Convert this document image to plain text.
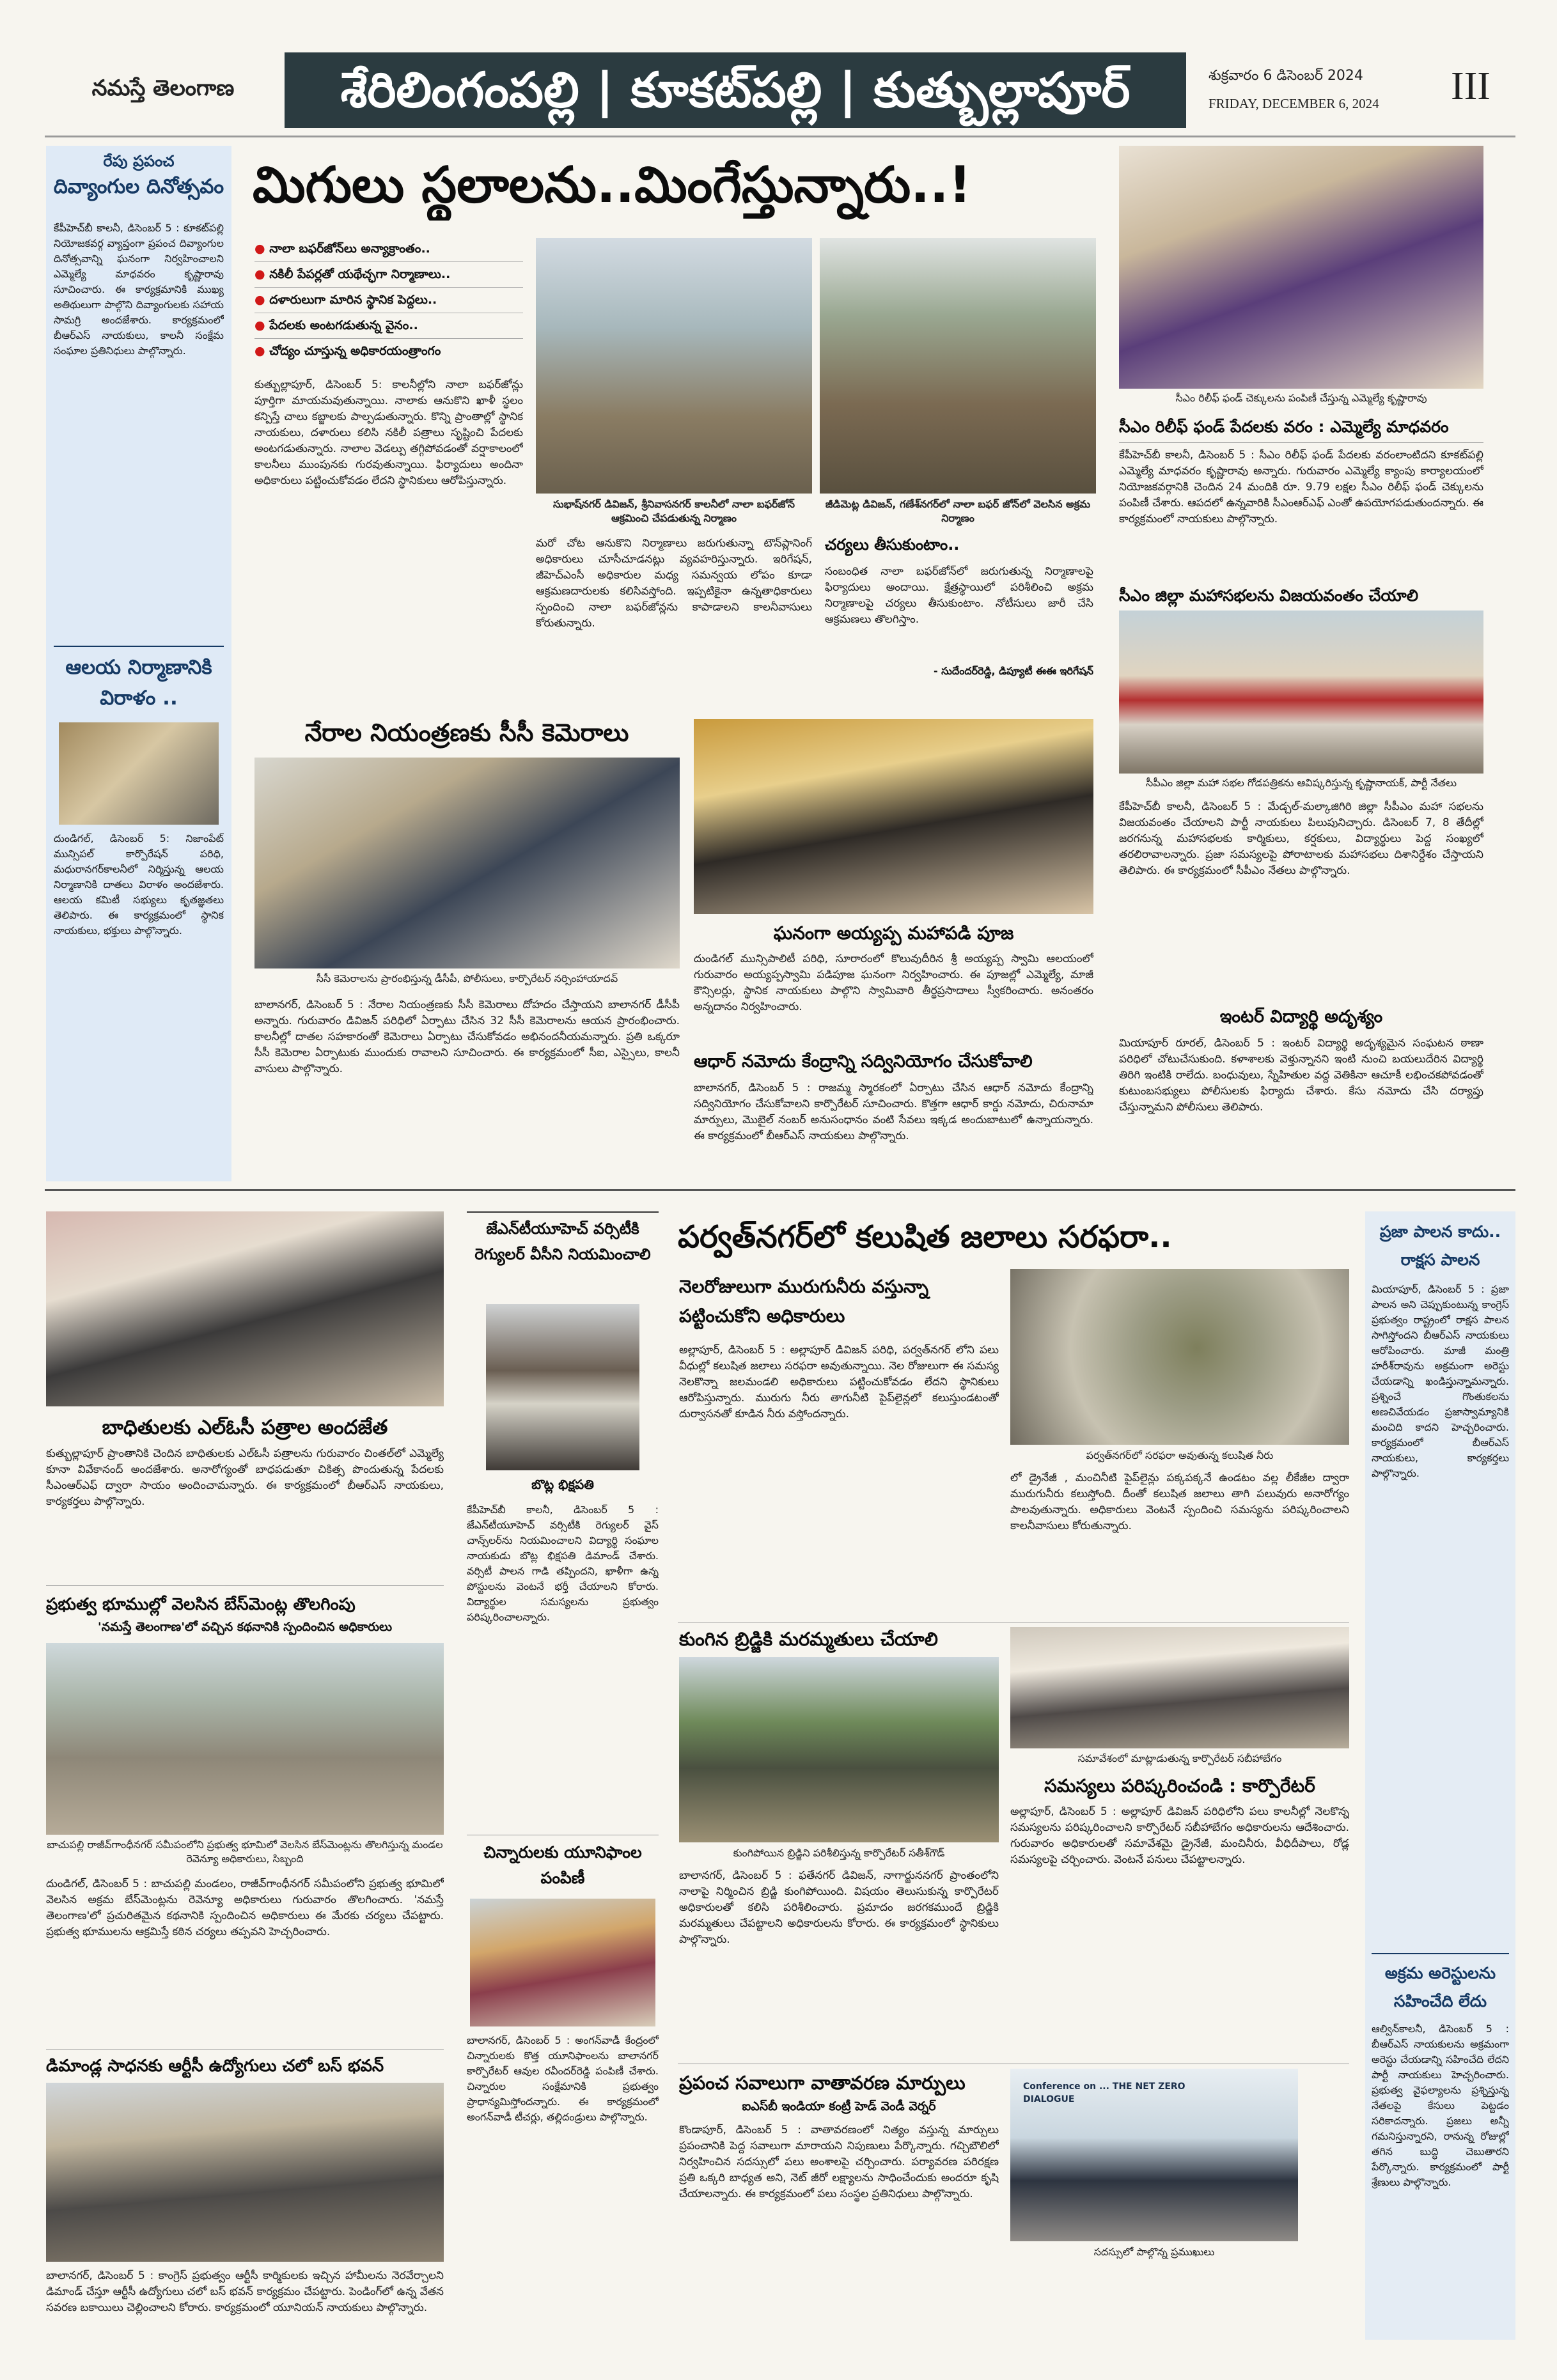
నమస్తే తెలంగాణ	శేరిలింగంపల్లి | కూకట్‌పల్లి | కుత్బుల్లాపూర్	శుక్రవారం 6 డిసెంబర్ 2024
FRIDAY, DECEMBER 6, 2024	III
రేపు ప్రపంచ
దివ్యాంగుల దినోత్సవం
కేపీహెచ్‌బీ కాలనీ, డిసెంబర్ 5 : కూకట్‌పల్లి నియోజకవర్గ వ్యాప్తంగా ప్రపంచ దివ్యాంగుల దినోత్సవాన్ని ఘనంగా నిర్వహించాలని ఎమ్మెల్యే మాధవరం కృష్ణారావు సూచించారు. ఈ కార్యక్రమానికి ముఖ్య అతిథులుగా పాల్గొని దివ్యాంగులకు సహాయ సామగ్రి అందజేశారు. కార్యక్రమంలో బీఆర్‌ఎస్ నాయకులు, కాలనీ సంక్షేమ సంఘాల ప్రతినిధులు పాల్గొన్నారు.
ఆలయ నిర్మాణానికి విరాళం ..
దుండిగల్, డిసెంబర్ 5: నిజాంపేట్ మున్సిపల్ కార్పొరేషన్ పరిధి, మధురానగర్‌కాలనీలో నిర్మిస్తున్న ఆలయ నిర్మాణానికి దాతలు విరాళం అందజేశారు. ఆలయ కమిటీ సభ్యులు కృతజ్ఞతలు తెలిపారు. ఈ కార్యక్రమంలో స్థానిక నాయకులు, భక్తులు పాల్గొన్నారు.
మిగులు స్థలాలను..మింగేస్తున్నారు..!
● నాలా బఫర్‌జోన్‌లు అన్యాక్రాంతం..
● నకిలీ పేపర్లతో యథేచ్ఛగా నిర్మాణాలు..
● దళారులుగా మారిన స్థానిక పెద్దలు..
● పేదలకు అంటగడుతున్న వైనం..
● చోద్యం చూస్తున్న అధికారయంత్రాంగం
సుభాష్‌నగర్ డివిజన్, శ్రీనివాసనగర్ కాలనీలో నాలా బఫర్‌జోన్ ఆక్రమించి చేపడుతున్న నిర్మాణం
జీడిమెట్ల డివిజన్, గణేశ్‌నగర్‌లో నాలా బఫర్ జోన్‌లో వెలసిన అక్రమ నిర్మాణం
కుత్బుల్లాపూర్, డిసెంబర్ 5: కాలనీల్లోని నాలా బఫర్‌జోన్లు పూర్తిగా మాయమవుతున్నాయి. నాలాకు ఆనుకొని ఖాళీ స్థలం కన్పిస్తే చాలు కబ్జాలకు పాల్పడుతున్నారు. కొన్ని ప్రాంతాల్లో స్థానిక నాయకులు, దళారులు కలిసి నకిలీ పత్రాలు సృష్టించి పేదలకు అంటగడుతున్నారు. నాలాల వెడల్పు తగ్గిపోవడంతో వర్షాకాలంలో కాలనీలు ముంపునకు గురవుతున్నాయి. ఫిర్యాదులు అందినా అధికారులు పట్టించుకోవడం లేదని స్థానికులు ఆరోపిస్తున్నారు.
మరో చోట ఆనుకొని నిర్మాణాలు జరుగుతున్నా టౌన్‌ప్లానింగ్ అధికారులు చూసీచూడనట్లు వ్యవహరిస్తున్నారు. ఇరిగేషన్, జీహెచ్‌ఎంసీ అధికారుల మధ్య సమన్వయ లోపం కూడా ఆక్రమణదారులకు కలిసివస్తోంది. ఇప్పటికైనా ఉన్నతాధికారులు స్పందించి నాలా బఫర్‌జోన్లను కాపాడాలని కాలనీవాసులు కోరుతున్నారు.
చర్యలు తీసుకుంటాం..
సంబంధిత నాలా బఫర్‌జోన్‌లో జరుగుతున్న నిర్మాణాలపై ఫిర్యాదులు అందాయి. క్షేత్రస్థాయిలో పరిశీలించి అక్రమ నిర్మాణాలపై చర్యలు తీసుకుంటాం. నోటీసులు జారీ చేసి ఆక్రమణలు తొలగిస్తాం.
- సుదేందర్‌రెడ్డి, డిప్యూటీ ఈఈ ఇరిగేషన్
సీఎం రిలీఫ్ ఫండ్ చెక్కులను పంపిణీ చేస్తున్న ఎమ్మెల్యే కృష్ణారావు
సీఎం రిలీఫ్ ఫండ్ పేదలకు వరం : ఎమ్మెల్యే మాధవరం
కేపీహెచ్‌బీ కాలనీ, డిసెంబర్ 5 : సీఎం రిలీఫ్ ఫండ్ పేదలకు వరంలాంటిదని కూకట్‌పల్లి ఎమ్మెల్యే మాధవరం కృష్ణారావు అన్నారు. గురువారం ఎమ్మెల్యే క్యాంపు కార్యాలయంలో నియోజకవర్గానికి చెందిన 24 మందికి రూ. 9.79 లక్షల సీఎం రిలీఫ్ ఫండ్ చెక్కులను పంపిణీ చేశారు. ఆపదలో ఉన్నవారికి సీఎంఆర్‌ఎఫ్ ఎంతో ఉపయోగపడుతుందన్నారు. ఈ కార్యక్రమంలో నాయకులు పాల్గొన్నారు.
సీఎం జిల్లా మహాసభలను విజయవంతం చేయాలి
సీపీఎం జిల్లా మహా సభల గోడపత్రికను ఆవిష్కరిస్తున్న కృష్ణానాయక్, పార్టీ నేతలు
కేపీహెచ్‌బీ కాలనీ, డిసెంబర్ 5 : మేడ్చల్-మల్కాజిగిరి జిల్లా సీపీఎం మహా సభలను విజయవంతం చేయాలని పార్టీ నాయకులు పిలుపునిచ్చారు. డిసెంబర్ 7, 8 తేదీల్లో జరగనున్న మహాసభలకు కార్మికులు, కర్షకులు, విద్యార్థులు పెద్ద సంఖ్యలో తరలిరావాలన్నారు. ప్రజా సమస్యలపై పోరాటాలకు మహాసభలు దిశానిర్దేశం చేస్తాయని తెలిపారు. ఈ కార్యక్రమంలో సీపీఎం నేతలు పాల్గొన్నారు.
ఇంటర్ విద్యార్థి అదృశ్యం
మియాపూర్ రూరల్, డిసెంబర్ 5 : ఇంటర్ విద్యార్థి అదృశ్యమైన సంఘటన ఠాణా పరిధిలో చోటుచేసుకుంది. కళాశాలకు వెళ్తున్నానని ఇంటి నుంచి బయలుదేరిన విద్యార్థి తిరిగి ఇంటికి రాలేదు. బంధువులు, స్నేహితుల వద్ద వెతికినా ఆచూకీ లభించకపోవడంతో కుటుంబసభ్యులు పోలీసులకు ఫిర్యాదు చేశారు. కేసు నమోదు చేసి దర్యాప్తు చేస్తున్నామని పోలీసులు తెలిపారు.
నేరాల నియంత్రణకు సీసీ కెమెరాలు
సీసీ కెమెరాలను ప్రారంభిస్తున్న డీసీపీ, పోలీసులు, కార్పొరేటర్ నర్సింహాయాదవ్
బాలానగర్, డిసెంబర్ 5 : నేరాల నియంత్రణకు సీసీ కెమెరాలు దోహదం చేస్తాయని బాలానగర్ డీసీపీ అన్నారు. గురువారం డివిజన్ పరిధిలో ఏర్పాటు చేసిన 32 సీసీ కెమెరాలను ఆయన ప్రారంభించారు. కాలనీల్లో దాతల సహకారంతో కెమెరాలు ఏర్పాటు చేసుకోవడం అభినందనీయమన్నారు. ప్రతి ఒక్కరూ సీసీ కెమెరాల ఏర్పాటుకు ముందుకు రావాలని సూచించారు. ఈ కార్యక్రమంలో సీఐ, ఎస్సైలు, కాలనీ వాసులు పాల్గొన్నారు.
ఘనంగా అయ్యప్ప మహాపడి పూజ
దుండిగల్ మున్సిపాలిటీ పరిధి, సూరారంలో కొలువుదీరిన శ్రీ అయ్యప్ప స్వామి ఆలయంలో గురువారం అయ్యప్పస్వామి పడిపూజ ఘనంగా నిర్వహించారు. ఈ పూజల్లో ఎమ్మెల్యే, మాజీ కౌన్సిలర్లు, స్థానిక నాయకులు పాల్గొని స్వామివారి తీర్థప్రసాదాలు స్వీకరించారు. అనంతరం అన్నదానం నిర్వహించారు.
ఆధార్ నమోదు కేంద్రాన్ని సద్వినియోగం చేసుకోవాలి
బాలానగర్, డిసెంబర్ 5 : రాజమ్మ స్మారకంలో ఏర్పాటు చేసిన ఆధార్ నమోదు కేంద్రాన్ని సద్వినియోగం చేసుకోవాలని కార్పొరేటర్ సూచించారు. కొత్తగా ఆధార్ కార్డు నమోదు, చిరునామా మార్పులు, మొబైల్ నంబర్ అనుసంధానం వంటి సేవలు ఇక్కడ అందుబాటులో ఉన్నాయన్నారు. ఈ కార్యక్రమంలో బీఆర్‌ఎస్ నాయకులు పాల్గొన్నారు.
బాధితులకు ఎల్‌ఓసీ పత్రాల అందజేత
కుత్బుల్లాపూర్ ప్రాంతానికి చెందిన బాధితులకు ఎల్‌ఓసీ పత్రాలను గురువారం చింతల్‌లో ఎమ్మెల్యే కూనా వివేకానంద్ అందజేశారు. అనారోగ్యంతో బాధపడుతూ చికిత్స పొందుతున్న పేదలకు సీఎంఆర్‌ఎఫ్ ద్వారా సాయం అందించామన్నారు. ఈ కార్యక్రమంలో బీఆర్‌ఎస్ నాయకులు, కార్యకర్తలు పాల్గొన్నారు.
ప్రభుత్వ భూముల్లో వెలసిన బేస్‌మెంట్ల తొలగింపు
'నమస్తే తెలంగాణ'లో వచ్చిన కథనానికి స్పందించిన అధికారులు
బాచుపల్లి రాజీవ్‌గాంధీనగర్ సమీపంలోని ప్రభుత్వ భూమిలో వెలసిన బేస్‌మెంట్లను తొలగిస్తున్న మండల రెవెన్యూ అధికారులు, సిబ్బంది
దుండిగల్, డిసెంబర్ 5 : బాచుపల్లి మండలం, రాజీవ్‌గాంధీనగర్ సమీపంలోని ప్రభుత్వ భూమిలో వెలసిన అక్రమ బేస్‌మెంట్లను రెవెన్యూ అధికారులు గురువారం తొలగించారు. 'నమస్తే తెలంగాణ'లో ప్రచురితమైన కథనానికి స్పందించిన అధికారులు ఈ మేరకు చర్యలు చేపట్టారు. ప్రభుత్వ భూములను ఆక్రమిస్తే కఠిన చర్యలు తప్పవని హెచ్చరించారు.
డిమాండ్ల సాధనకు ఆర్టీసీ ఉద్యోగులు చలో బస్ భవన్
బాలానగర్, డిసెంబర్ 5 : కాంగ్రెస్ ప్రభుత్వం ఆర్టీసీ కార్మికులకు ఇచ్చిన హామీలను నెరవేర్చాలని డిమాండ్ చేస్తూ ఆర్టీసీ ఉద్యోగులు చలో బస్ భవన్ కార్యక్రమం చేపట్టారు. పెండింగ్‌లో ఉన్న వేతన సవరణ బకాయిలు చెల్లించాలని కోరారు. కార్యక్రమంలో యూనియన్ నాయకులు పాల్గొన్నారు.
జేఎన్‌టీయూహెచ్ వర్సిటీకి రెగ్యులర్ వీసీని నియమించాలి
బొట్ల భిక్షపతి
కేపీహెచ్‌బీ కాలనీ, డిసెంబర్ 5 : జేఎన్‌టీయూహెచ్ వర్సిటీకి రెగ్యులర్ వైస్ చాన్స్‌లర్‌ను నియమించాలని విద్యార్థి సంఘాల నాయకుడు బొట్ల భిక్షపతి డిమాండ్ చేశారు. వర్సిటీ పాలన గాడి తప్పిందని, ఖాళీగా ఉన్న పోస్టులను వెంటనే భర్తీ చేయాలని కోరారు. విద్యార్థుల సమస్యలను ప్రభుత్వం పరిష్కరించాలన్నారు.
చిన్నారులకు యూనిఫాంల పంపిణీ
బాలానగర్, డిసెంబర్ 5 : అంగన్‌వాడీ కేంద్రంలో చిన్నారులకు కొత్త యూనిఫాంలను బాలానగర్ కార్పొరేటర్ ఆవుల రవీందర్‌రెడ్డి పంపిణీ చేశారు. చిన్నారుల సంక్షేమానికి ప్రభుత్వం ప్రాధాన్యమిస్తోందన్నారు. ఈ కార్యక్రమంలో అంగన్‌వాడీ టీచర్లు, తల్లిదండ్రులు పాల్గొన్నారు.
పర్వత్‌నగర్‌లో కలుషిత జలాలు సరఫరా..
నెలరోజులుగా మురుగునీరు వస్తున్నా పట్టించుకోని అధికారులు
అల్లాపూర్, డిసెంబర్ 5 : అల్లాపూర్ డివిజన్ పరిధి, పర్వత్‌నగర్ లోని పలు వీధుల్లో కలుషిత జలాలు సరఫరా అవుతున్నాయి. నెల రోజులుగా ఈ సమస్య నెలకొన్నా జలమండలి అధికారులు పట్టించుకోవడం లేదని స్థానికులు ఆరోపిస్తున్నారు. మురుగు నీరు తాగునీటి పైప్‌లైన్లలో కలుస్తుండటంతో దుర్వాసనతో కూడిన నీరు వస్తోందన్నారు.
పర్వత్‌నగర్‌లో సరఫరా అవుతున్న కలుషిత నీరు
లో డ్రైనేజీ , మంచినీటి పైప్‌లైన్లు పక్కపక్కనే ఉండటం వల్ల లీకేజీల ద్వారా మురుగునీరు కలుస్తోంది. దీంతో కలుషిత జలాలు తాగి పలువురు అనారోగ్యం పాలవుతున్నారు. అధికారులు వెంటనే స్పందించి సమస్యను పరిష్కరించాలని కాలనీవాసులు కోరుతున్నారు.
కుంగిన బ్రిడ్జికి మరమ్మతులు చేయాలి
కుంగిపోయిన బ్రిడ్జిని పరిశీలిస్తున్న కార్పొరేటర్ సతీశ్‌గౌడ్
బాలానగర్, డిసెంబర్ 5 : ఫతేనగర్ డివిజన్, నాగార్జుననగర్ ప్రాంతంలోని నాలాపై నిర్మించిన బ్రిడ్జి కుంగిపోయింది. విషయం తెలుసుకున్న కార్పొరేటర్ అధికారులతో కలిసి పరిశీలించారు. ప్రమాదం జరగకముందే బ్రిడ్జికి మరమ్మతులు చేపట్టాలని అధికారులను కోరారు. ఈ కార్యక్రమంలో స్థానికులు పాల్గొన్నారు.
సమావేశంలో మాట్లాడుతున్న కార్పొరేటర్ సబీహాబేగం
సమస్యలు పరిష్కరించండి : కార్పొరేటర్
అల్లాపూర్, డిసెంబర్ 5 : అల్లాపూర్ డివిజన్ పరిధిలోని పలు కాలనీల్లో నెలకొన్న సమస్యలను పరిష్కరించాలని కార్పొరేటర్ సబీహాబేగం అధికారులను ఆదేశించారు. గురువారం అధికారులతో సమావేశమై డ్రైనేజీ, మంచినీరు, వీధిదీపాలు, రోడ్ల సమస్యలపై చర్చించారు. వెంటనే పనులు చేపట్టాలన్నారు.
ప్రపంచ సవాలుగా వాతావరణ మార్పులు
ఐఎస్‌బీ ఇండియా కంట్రీ హెడ్ వెండీ వెర్నర్
కొండాపూర్, డిసెంబర్ 5 : వాతావరణంలో నిత్యం వస్తున్న మార్పులు ప్రపంచానికి పెద్ద సవాలుగా మారాయని నిపుణులు పేర్కొన్నారు. గచ్చిబౌలిలో నిర్వహించిన సదస్సులో పలు అంశాలపై చర్చించారు. పర్యావరణ పరిరక్షణ ప్రతి ఒక్కరి బాధ్యత అని, నెట్ జీరో లక్ష్యాలను సాధించేందుకు అందరూ కృషి చేయాలన్నారు. ఈ కార్యక్రమంలో పలు సంస్థల ప్రతినిధులు పాల్గొన్నారు.
Conference on ... THE NET ZERO DIALOGUE
సదస్సులో పాల్గొన్న ప్రముఖులు
ప్రజా పాలన కాదు.. రాక్షస పాలన
మియాపూర్, డిసెంబర్ 5 : ప్రజా పాలన అని చెప్పుకుంటున్న కాంగ్రెస్ ప్రభుత్వం రాష్ట్రంలో రాక్షస పాలన సాగిస్తోందని బీఆర్‌ఎస్ నాయకులు ఆరోపించారు. మాజీ మంత్రి హరీశ్‌రావును అక్రమంగా అరెస్టు చేయడాన్ని ఖండిస్తున్నామన్నారు. ప్రశ్నించే గొంతుకలను అణచివేయడం ప్రజాస్వామ్యానికి మంచిది కాదని హెచ్చరించారు. కార్యక్రమంలో బీఆర్‌ఎస్ నాయకులు, కార్యకర్తలు పాల్గొన్నారు.
అక్రమ అరెస్టులను సహించేది లేదు
ఆల్విన్‌కాలనీ, డిసెంబర్ 5 : బీఆర్‌ఎస్ నాయకులను అక్రమంగా అరెస్టు చేయడాన్ని సహించేది లేదని పార్టీ నాయకులు హెచ్చరించారు. ప్రభుత్వ వైఫల్యాలను ప్రశ్నిస్తున్న నేతలపై కేసులు పెట్టడం సరికాదన్నారు. ప్రజలు అన్నీ గమనిస్తున్నారని, రానున్న రోజుల్లో తగిన బుద్ధి చెబుతారని పేర్కొన్నారు. కార్యక్రమంలో పార్టీ శ్రేణులు పాల్గొన్నారు.
